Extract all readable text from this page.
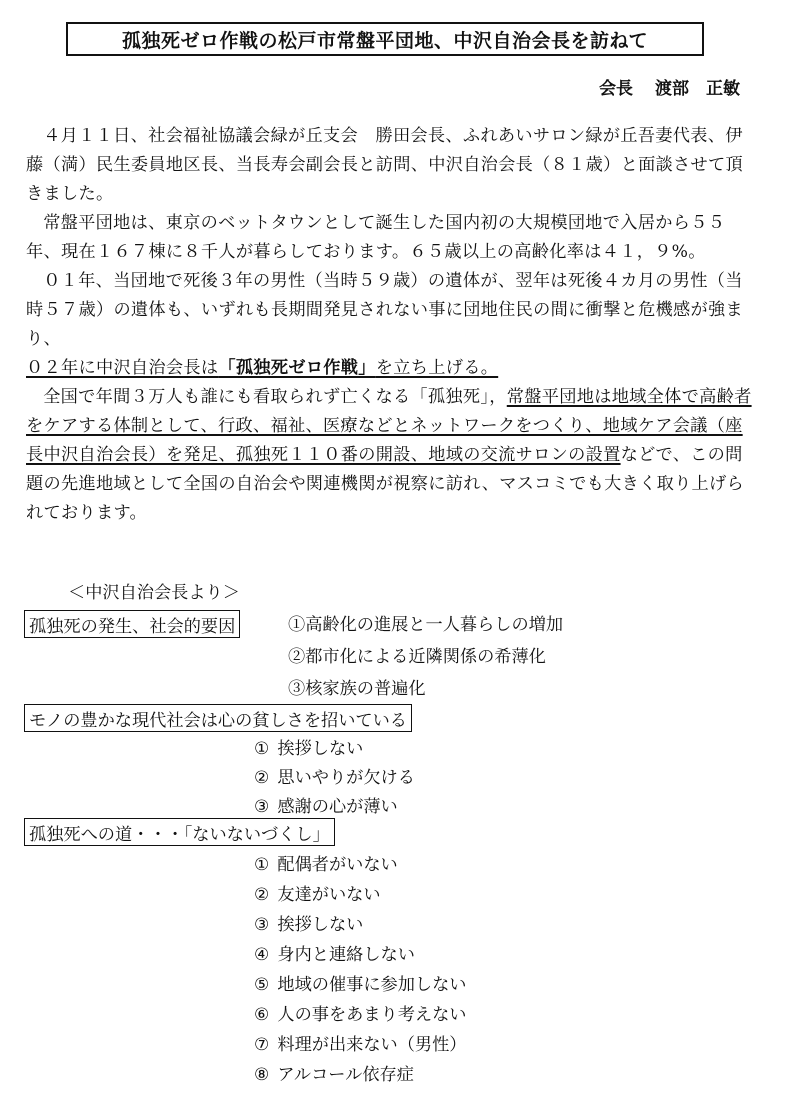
孤独死ゼロ作戦の松戸市常盤平団地、中沢自治会長を訪ねて
会長 渡部　正敏

４月１１日、社会福祉協議会緑が丘支会　勝田会長、ふれあいサロン緑が丘吾妻代表、伊藤（満）民生委員地区長、当長寿会副会長と訪問、中沢自治会長（８１歳）と面談させて頂きました。

常盤平団地は、東京のベットタウンとして誕生した国内初の大規模団地で入居から５５年、現在１６７棟に８千人が暮らしております。６５歳以上の高齢化率は４１，９%。

０１年、当団地で死後３年の男性（当時５９歳）の遺体が、翌年は死後４カ月の男性（当時５７歳）の遺体も、いずれも長期間発見されない事に団地住民の間に衝撃と危機感が強まり、

０２年に中沢自治会長は「孤独死ゼロ作戦」を立ち上げる。

全国で年間３万人も誰にも看取られず亡くなる「孤独死」，常盤平団地は地域全体で高齢者をケアする体制として、行政、福祉、医療などとネットワークをつくり、地域ケア会議（座長中沢自治会長）を発足、孤独死１１０番の開設、地域の交流サロンの設置などで、この問題の先進地域として全国の自治会や関連機関が視察に訪れ、マスコミでも大きく取り上げられております。

＜中沢自治会長より＞
孤独死の発生、社会的要因	①高齢化の進展と一人暮らしの増加
②都市化による近隣関係の希薄化
③核家族の普遍化
モノの豊かな現代社会は心の貧しさを招いている
① 挨拶しない
② 思いやりが欠ける
③ 感謝の心が薄い
孤独死への道・・・「ないないづくし」
① 配偶者がいない
② 友達がいない
③ 挨拶しない
④ 身内と連絡しない
⑤ 地域の催事に参加しない
⑥ 人の事をあまり考えない
⑦ 料理が出来ない（男性）
⑧ アルコール依存症
